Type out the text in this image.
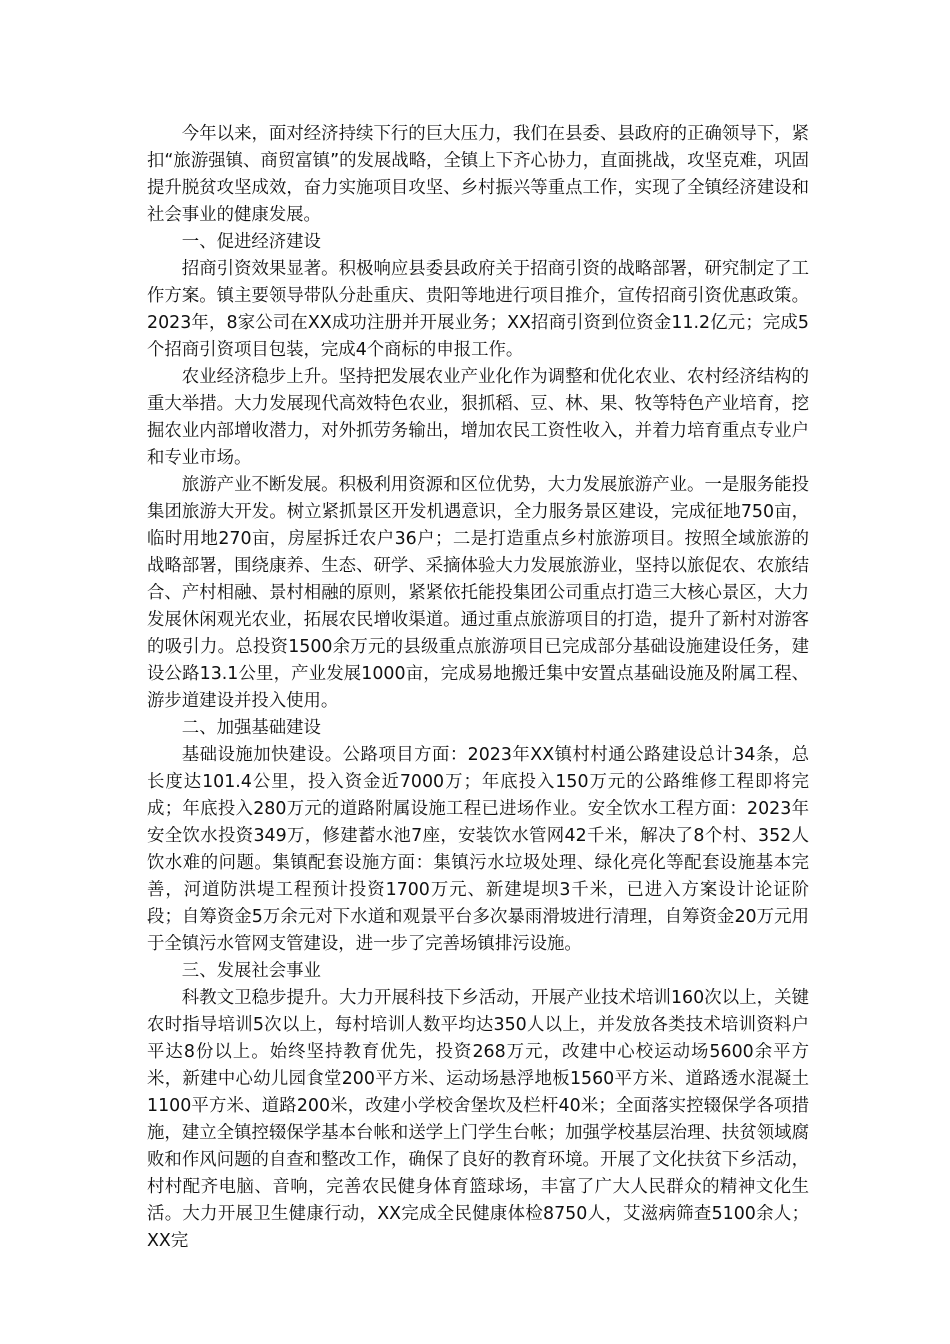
今年以来，面对经济持续下行的巨大压力，我们在县委、县政府的正确领导下，紧扣“旅游强镇、商贸富镇”的发展战略，全镇上下齐心协力，直面挑战，攻坚克难，巩固提升脱贫攻坚成效，奋力实施项目攻坚、乡村振兴等重点工作，实现了全镇经济建设和社会事业的健康发展。

一、促进经济建设

招商引资效果显著。积极响应县委县政府关于招商引资的战略部署，研究制定了工作方案。镇主要领导带队分赴重庆、贵阳等地进行项目推介，宣传招商引资优惠政策。2023年，8家公司在XX成功注册并开展业务；XX招商引资到位资金11.2亿元；完成5个招商引资项目包装，完成4个商标的申报工作。

农业经济稳步上升。坚持把发展农业产业化作为调整和优化农业、农村经济结构的重大举措。大力发展现代高效特色农业，狠抓稻、豆、林、果、牧等特色产业培育，挖掘农业内部增收潜力，对外抓劳务输出，增加农民工资性收入，并着力培育重点专业户和专业市场。

旅游产业不断发展。积极利用资源和区位优势，大力发展旅游产业。一是服务能投集团旅游大开发。树立紧抓景区开发机遇意识，全力服务景区建设，完成征地750亩，临时用地270亩，房屋拆迁农户36户；二是打造重点乡村旅游项目。按照全域旅游的战略部署，围绕康养、生态、研学、采摘体验大力发展旅游业，坚持以旅促农、农旅结合、产村相融、景村相融的原则，紧紧依托能投集团公司重点打造三大核心景区，大力发展休闲观光农业，拓展农民增收渠道。通过重点旅游项目的打造，提升了新村对游客的吸引力。总投资1500余万元的县级重点旅游项目已完成部分基础设施建设任务，建设公路13.1公里，产业发展1000亩，完成易地搬迁集中安置点基础设施及附属工程、游步道建设并投入使用。

二、加强基础建设

基础设施加快建设。公路项目方面：2023年XX镇村村通公路建设总计34条，总长度达101.4公里，投入资金近7000万；年底投入150万元的公路维修工程即将完成；年底投入280万元的道路附属设施工程已进场作业。安全饮水工程方面：2023年安全饮水投资349万，修建蓄水池7座，安装饮水管网42千米，解决了8个村、352人饮水难的问题。集镇配套设施方面：集镇污水垃圾处理、绿化亮化等配套设施基本完善，河道防洪堤工程预计投资1700万元、新建堤坝3千米，已进入方案设计论证阶段；自筹资金5万余元对下水道和观景平台多次暴雨滑坡进行清理，自筹资金20万元用于全镇污水管网支管建设，进一步了完善场镇排污设施。

三、发展社会事业

科教文卫稳步提升。大力开展科技下乡活动，开展产业技术培训160次以上，关键农时指导培训5次以上，每村培训人数平均达350人以上，并发放各类技术培训资料户平达8份以上。始终坚持教育优先，投资268万元，改建中心校运动场5600余平方米，新建中心幼儿园食堂200平方米、运动场悬浮地板1560平方米、道路透水混凝土1100平方米、道路200米，改建小学校舍堡坎及栏杆40米；全面落实控辍保学各项措施，建立全镇控辍保学基本台帐和送学上门学生台帐；加强学校基层治理、扶贫领域腐败和作风问题的自查和整改工作，确保了良好的教育环境。开展了文化扶贫下乡活动，村村配齐电脑、音响，完善农民健身体育篮球场，丰富了广大人民群众的精神文化生活。大力开展卫生健康行动，XX完成全民健康体检8750人，艾滋病筛查5100余人；XX完
